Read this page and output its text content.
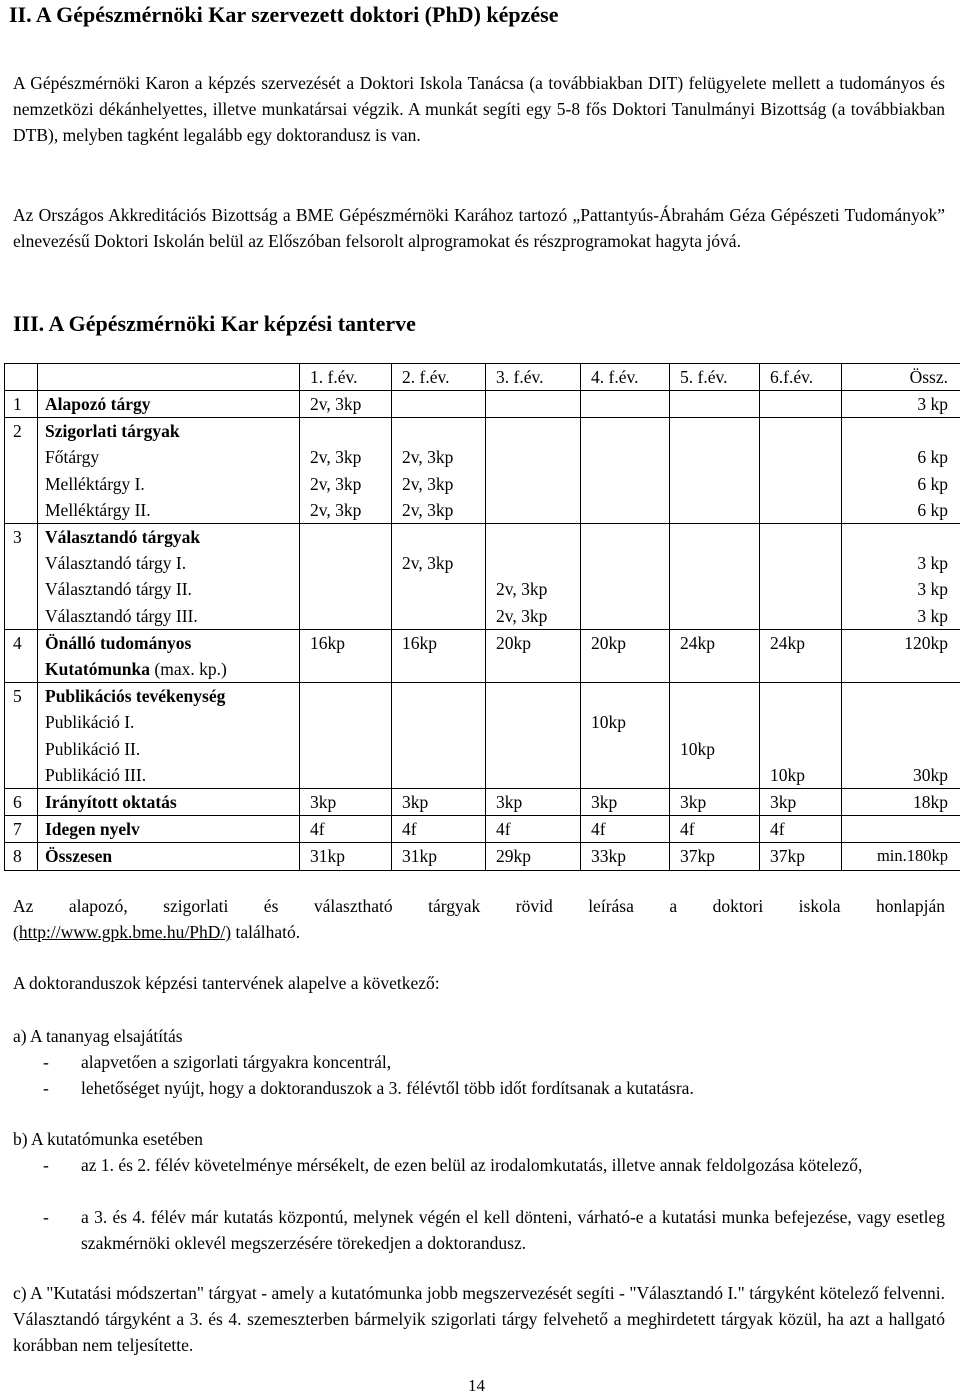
II. A Gépészmérnöki Kar szervezett doktori (PhD) képzése

A Gépészmérnöki Karon a képzés szervezését a Doktori Iskola Tanácsa (a továbbiakban DIT) felügyelete mellett a tudományos és nemzetközi dékánhelyettes, illetve munkatársai végzik. A munkát segíti egy 5-8 fős Doktori Tanulmányi Bizottság (a továbbiakban DTB), melyben tagként legalább egy doktorandusz is van.

Az Országos Akkreditációs Bizottság a BME Gépészmérnöki Karához tartozó „Pattantyús-Ábrahám Géza Gépészeti Tudományok” elnevezésű Doktori Iskolán belül az Előszóban felsorolt alprogramokat és részprogramokat hagyta jóvá.

III. A Gépészmérnöki Kar képzési tanterve
		1. f.év.	2. f.év.	3. f.év.	4. f.év.	5. f.év.	6.f.év.	Össz.
1	Alapozó tárgy	2v, 3kp						3 kp
2	Szigorlati tárgyak							
	Főtárgy	2v, 3kp	2v, 3kp					6 kp
	Melléktárgy I.	2v, 3kp	2v, 3kp					6 kp
	Melléktárgy II.	2v, 3kp	2v, 3kp					6 kp
3	Választandó tárgyak							
	Választandó tárgy I.		2v, 3kp					3 kp
	Választandó tárgy II.			2v, 3kp				3 kp
	Választandó tárgy III.			2v, 3kp				3 kp
4	Önálló tudományos	16kp	16kp	20kp	20kp	24kp	24kp	120kp
	Kutatómunka (max. kp.)							
5	Publikációs tevékenység							
	Publikáció I.				10kp			
	Publikáció II.					10kp		
	Publikáció III.						10kp	30kp
6	Irányított oktatás	3kp	3kp	3kp	3kp	3kp	3kp	18kp
7	Idegen nyelv	4f	4f	4f	4f	4f	4f	
8	Összesen	31kp	31kp	29kp	33kp	37kp	37kp	min.180kp

Az alapozó, szigorlati és választható tárgyak rövid leírása a doktori iskola honlapján

(http://www.gpk.bme.hu/PhD/) található.
A doktoranduszok képzési tantervének alapelve a következő:
a) A tananyag elsajátítás
- alapvetően a szigorlati tárgyakra koncentrál,
- lehetőséget nyújt, hogy a doktoranduszok a 3. félévtől több időt fordítsanak a kutatásra.
b) A kutatómunka esetében
- az 1. és 2. félév követelménye mérsékelt, de ezen belül az irodalomkutatás, illetve annak feldolgozása kötelező,

- a 3. és 4. félév már kutatás központú, melynek végén el kell dönteni, várható-e a kutatási munka befejezése, vagy esetleg szakmérnöki oklevél megszerzésére törekedjen a doktorandusz.

c) A "Kutatási módszertan" tárgyat - amely a kutatómunka jobb megszervezését segíti - "Választandó I." tárgyként kötelező felvenni. Választandó tárgyként a 3. és 4. szemeszterben bármelyik szigorlati tárgy felvehető a meghirdetett tárgyak közül, ha azt a hallgató korábban nem teljesítette.

14
